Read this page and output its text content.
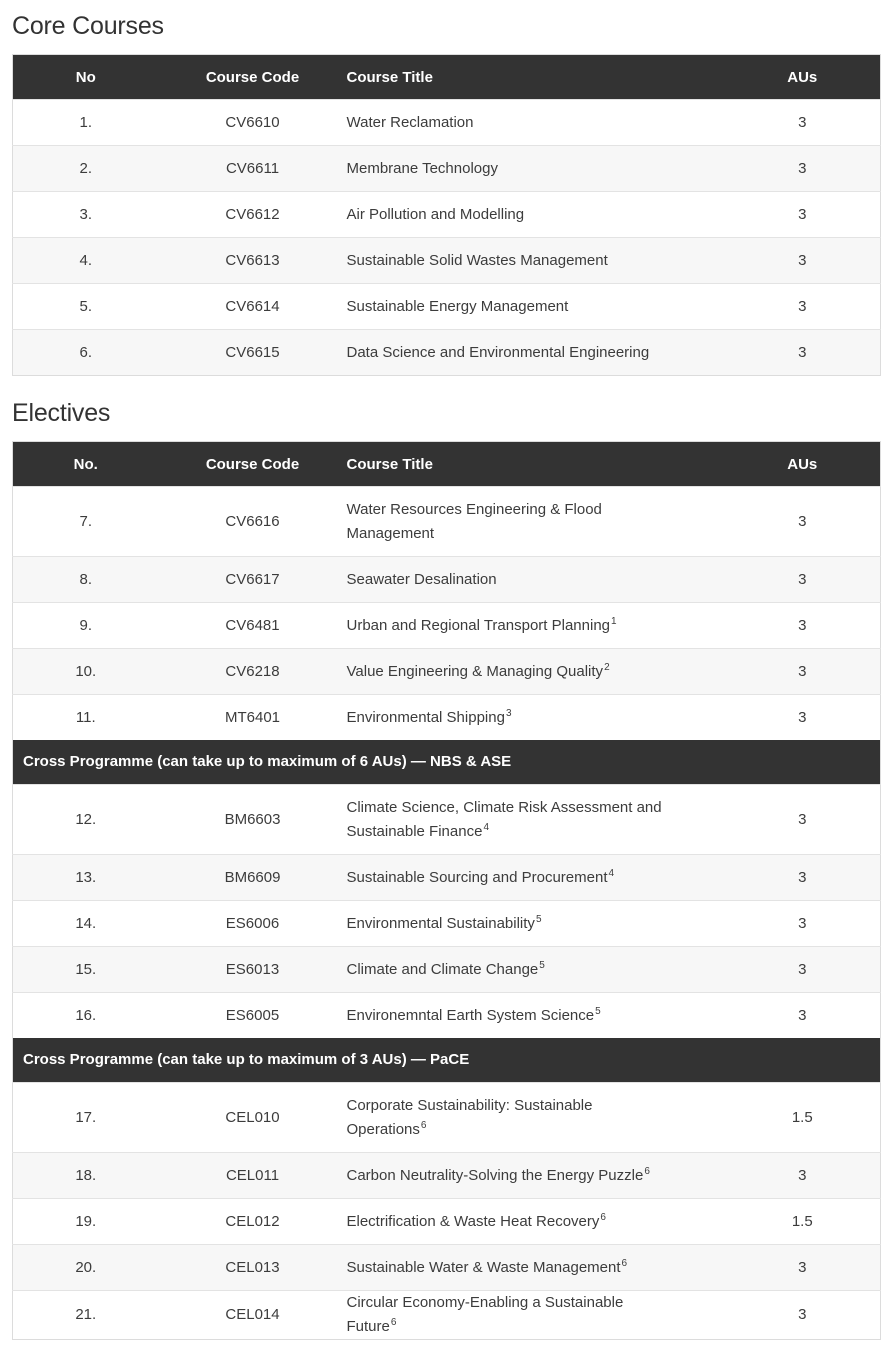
Core Courses
No	Course Code	Course Title	AUs
1.	CV6610	Water Reclamation	3
2.	CV6611	Membrane Technology	3
3.	CV6612	Air Pollution and Modelling	3
4.	CV6613	Sustainable Solid Wastes Management	3
5.	CV6614	Sustainable Energy Management	3
6.	CV6615	Data Science and Environmental Engineering	3
Electives
No.	Course Code	Course Title	AUs
7.	CV6616	Water Resources Engineering & Flood Management	3
8.	CV6617	Seawater Desalination	3
9.	CV6481	Urban and Regional Transport Planning$^1$	3
10.	CV6218	Value Engineering & Managing Quality$^2$	3
11.	MT6401	Environmental Shipping$^3$	3
Cross Programme (can take up to maximum of 6 AUs) — NBS & ASE			
12.	BM6603	Climate Science, Climate Risk Assessment and Sustainable Finance$^4$	3
13.	BM6609	Sustainable Sourcing and Procurement$^4$	3
14.	ES6006	Environmental Sustainability$^5$	3
15.	ES6013	Climate and Climate Change$^5$	3
16.	ES6005	Environemntal Earth System Science$^5$	3
Cross Programme (can take up to maximum of 3 AUs) — PaCE			
17.	CEL010	Corporate Sustainability: Sustainable Operations$^6$	1.5
18.	CEL011	Carbon Neutrality-Solving the Energy Puzzle$^6$	3
19.	CEL012	Electrification & Waste Heat Recovery$^6$	1.5
20.	CEL013	Sustainable Water & Waste Management$^6$	3
21.	CEL014	Circular Economy-Enabling a Sustainable Future$^6$	3
